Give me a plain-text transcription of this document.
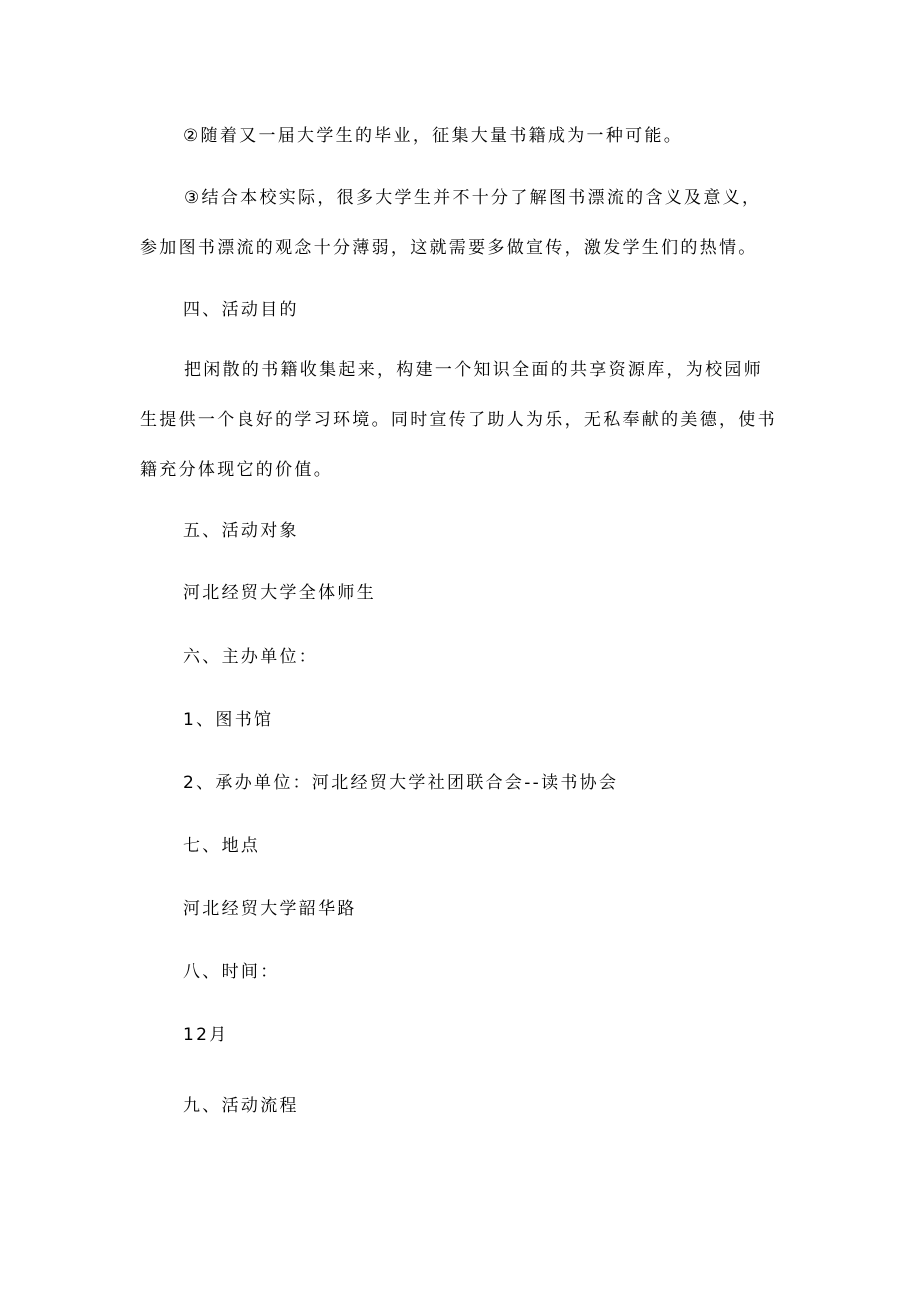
②随着又一届大学生的毕业，征集大量书籍成为一种可能。

③结合本校实际，很多大学生并不十分了解图书漂流的含义及意义，参加图书漂流的观念十分薄弱，这就需要多做宣传，激发学生们的热情。

四、活动目的

把闲散的书籍收集起来，构建一个知识全面的共享资源库，为校园师生提供一个良好的学习环境。同时宣传了助人为乐，无私奉献的美德，使书籍充分体现它的价值。

五、活动对象

河北经贸大学全体师生

六、主办单位：

1、图书馆

2、承办单位：河北经贸大学社团联合会--读书协会

七、地点

河北经贸大学韶华路

八、时间：

12月

九、活动流程
